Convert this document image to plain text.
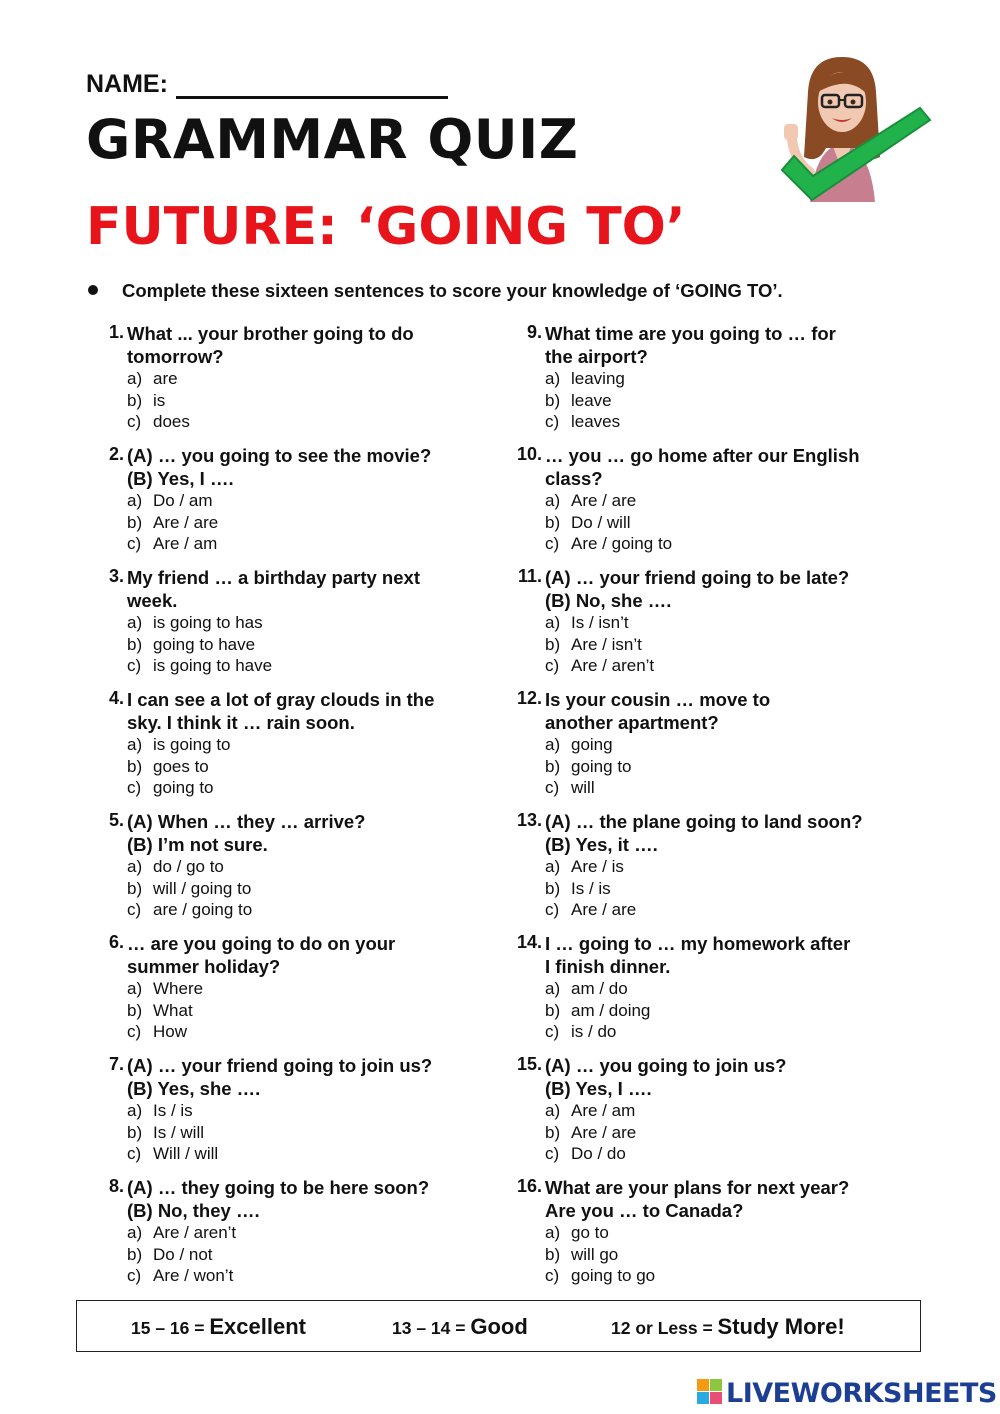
NAME:
GRAMMAR QUIZ
FUTURE: ‘GOING TO’
Complete these sixteen sentences to score your knowledge of ‘GOING TO’.
1. What ... your brother going to do
tomorrow?
a) are
b) is
c) does
2. (A) … you going to see the movie?
(B) Yes, I ….
a) Do / am
b) Are / are
c) Are / am
3. My friend … a birthday party next
week.
a) is going to has
b) going to have
c) is going to have
4. I can see a lot of gray clouds in the
sky. I think it … rain soon.
a) is going to
b) goes to
c) going to
5. (A) When … they … arrive?
(B) I’m not sure.
a) do / go to
b) will / going to
c) are / going to
6. … are you going to do on your
summer holiday?
a) Where
b) What
c) How
7. (A) … your friend going to join us?
(B) Yes, she ….
a) Is / is
b) Is / will
c) Will / will
8. (A) … they going to be here soon?
(B) No, they ….
a) Are / aren’t
b) Do / not
c) Are / won’t
9. What time are you going to … for
the airport?
a) leaving
b) leave
c) leaves
10. … you … go home after our English
class?
a) Are / are
b) Do / will
c) Are / going to
11. (A) … your friend going to be late?
(B) No, she ….
a) Is / isn’t
b) Are / isn’t
c) Are / aren’t
12. Is your cousin … move to
another apartment?
a) going
b) going to
c) will
13. (A) … the plane going to land soon?
(B) Yes, it ….
a) Are / is
b) Is / is
c) Are / are
14. I … going to … my homework after
I finish dinner.
a) am / do
b) am / doing
c) is / do
15. (A) … you going to join us?
(B) Yes, I ….
a) Are / am
b) Are / are
c) Do / do
16. What are your plans for next year?
Are you … to Canada?
a) go to
b) will go
c) going to go
15 – 16 = Excellent	13 – 14 = Good	12 or Less = Study More!
LIVEWORKSHEETS
